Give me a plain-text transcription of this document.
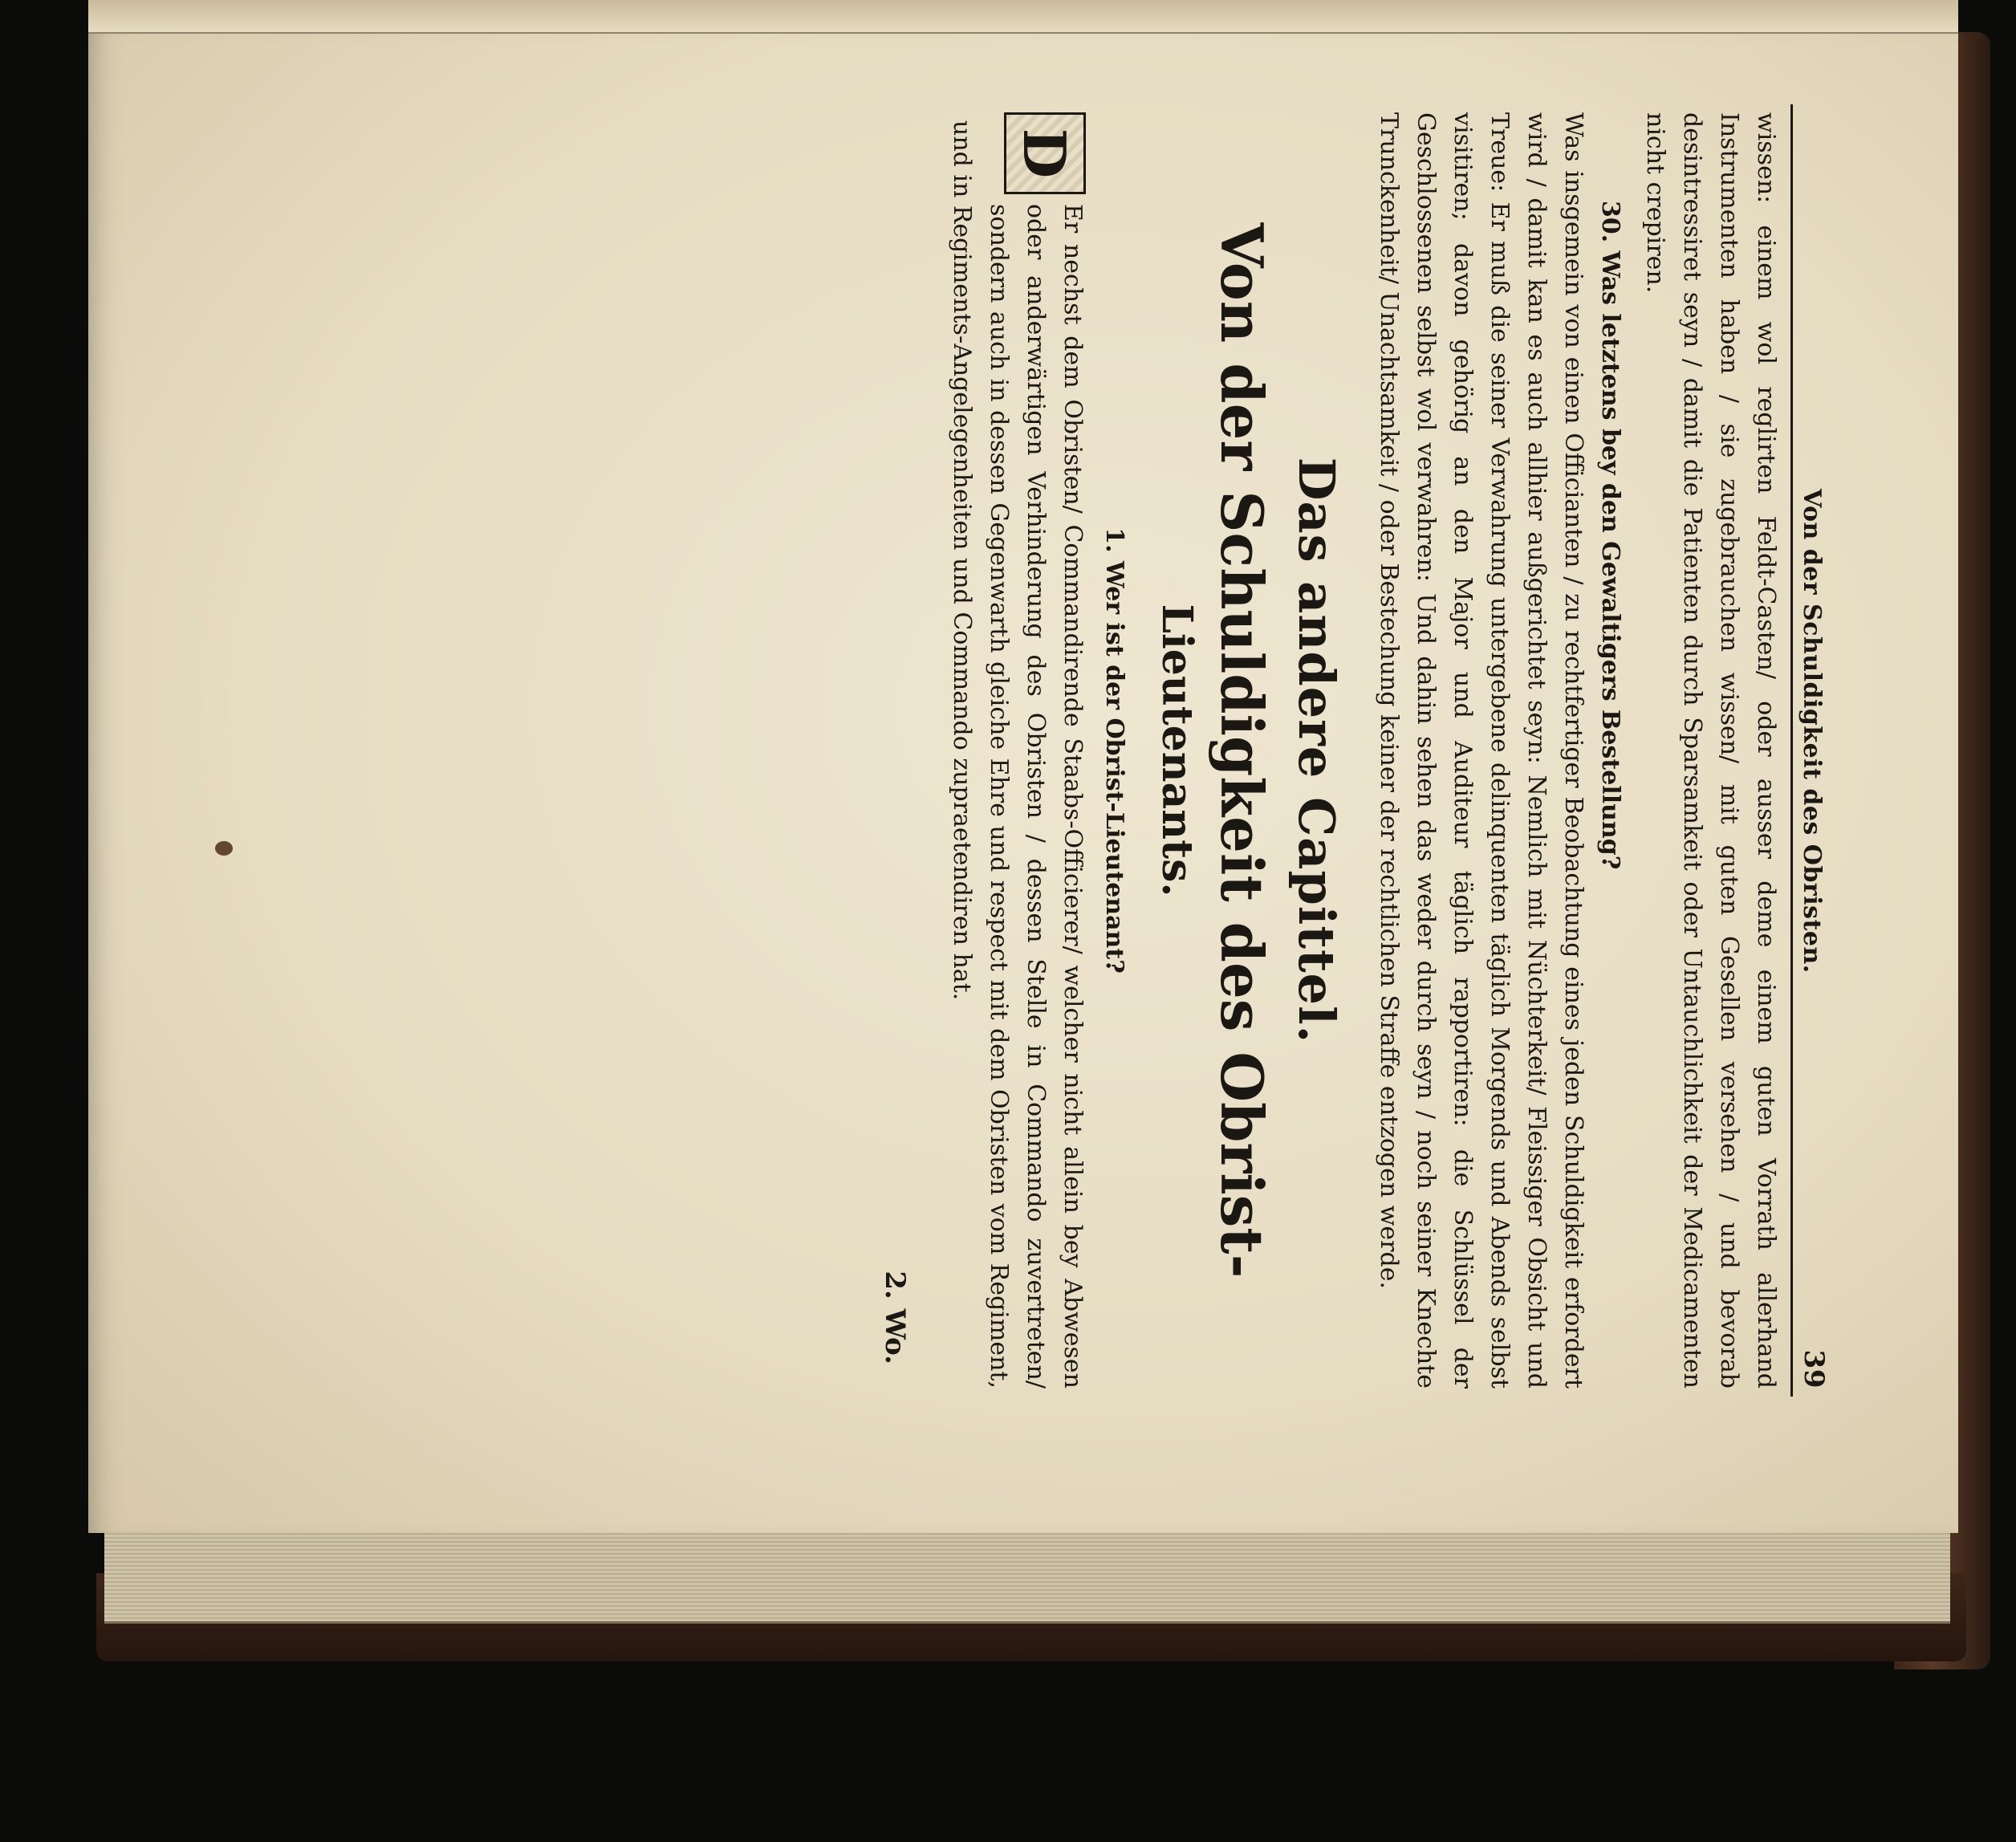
Von der Schuldigkeit des Obristen.
39

wissen: einem wol reglirten Feldt-Casten/ oder ausser deme einem guten Vorrath allerhand Instrumenten haben / sie zugebrauchen wissen/ mit guten Gesellen versehen / und bevorab desintressiret seyn / damit die Patienten durch Sparsamkeit oder Untauchlichkeit der Medicamenten nicht crepiren.

30. Was letztens bey den Gewaltigers Bestellung?

Was insgemein von einen Officianten / zu rechtfertiger Beobachtung eines jeden Schuldigkeit erfordert wird / damit kan es auch allhier außgerichtet seyn: Nemlich mit Nüchterkeit/ Fleissiger Obsicht und Treue: Er muß die seiner Verwahrung untergebene delinquenten täglich Morgends und Abends selbst visitiren; davon gehörig an den Major und Auditeur täglich rapportiren: die Schlüssel der Geschlossenen selbst wol verwahren: Und dahin sehen das weder durch seyn / noch seiner Knechte Trunckenheit/ Unachtsamkeit / oder Bestechung keiner der rechtlichen Straffe entzogen werde.

Das andere Capittel.
Von der Schuldigkeit des Obrist-
Lieutenants.
1. Wer ist der Obrist-Lieutenant?
D

Er nechst dem Obristen/ Commandirende Staabs-Officierer/ welcher nicht allein bey Abwesen oder anderwärtigen Verhinderung des Obristen / dessen Stelle in Commando zuvertreten/ sondern auch in dessen Gegenwarth gleiche Ehre und respect mit dem Obristen vom Regiment, und in Regiments-Angelegenheiten und Commando zupraetendiren hat.

2. Wo.
